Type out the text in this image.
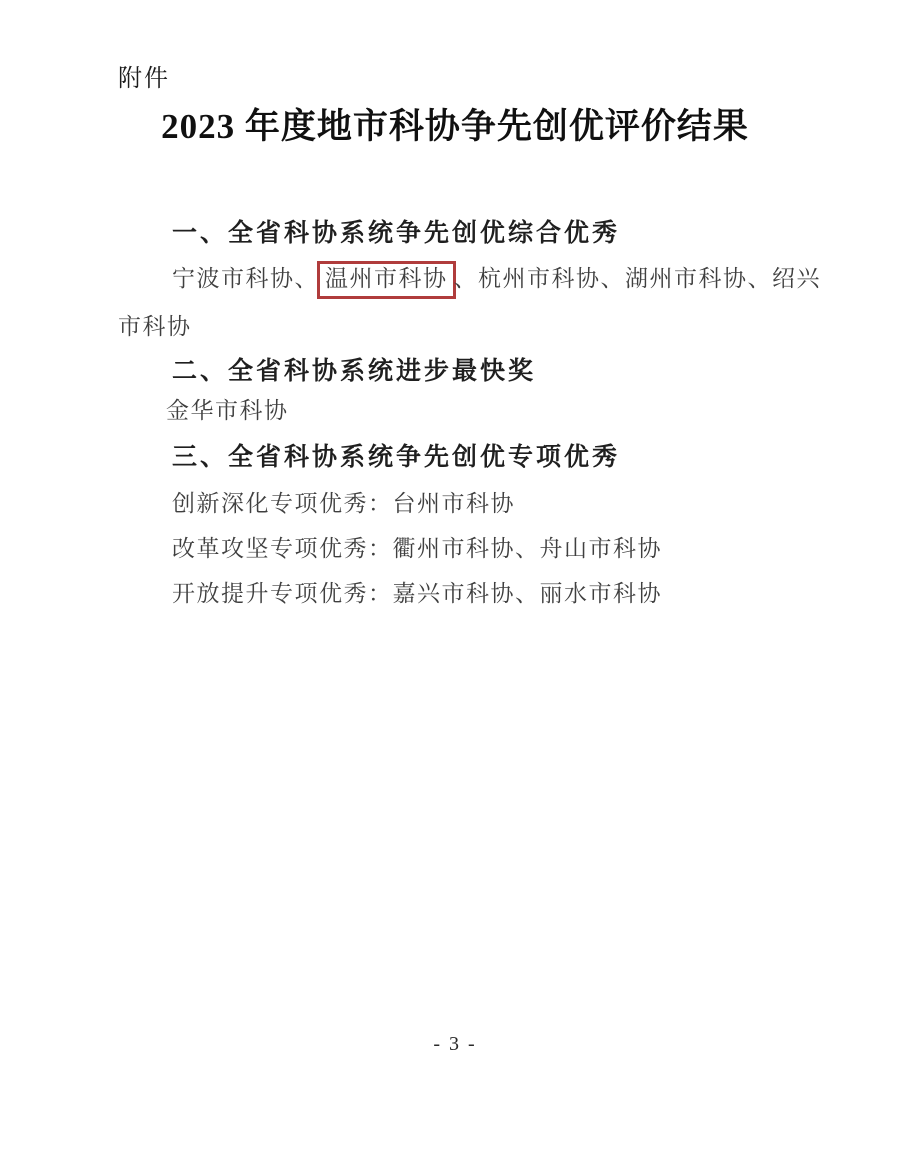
附件
2023 年度地市科协争先创优评价结果

一、全省科协系统争先创优综合优秀

宁波市科协、 温州市科协 、杭州市科协、湖州市科协、绍兴

市科协

二、全省科协系统进步最快奖

金华市科协

三、全省科协系统争先创优专项优秀

创新深化专项优秀：台州市科协

改革攻坚专项优秀：衢州市科协、舟山市科协

开放提升专项优秀：嘉兴市科协、丽水市科协

- 3 -
